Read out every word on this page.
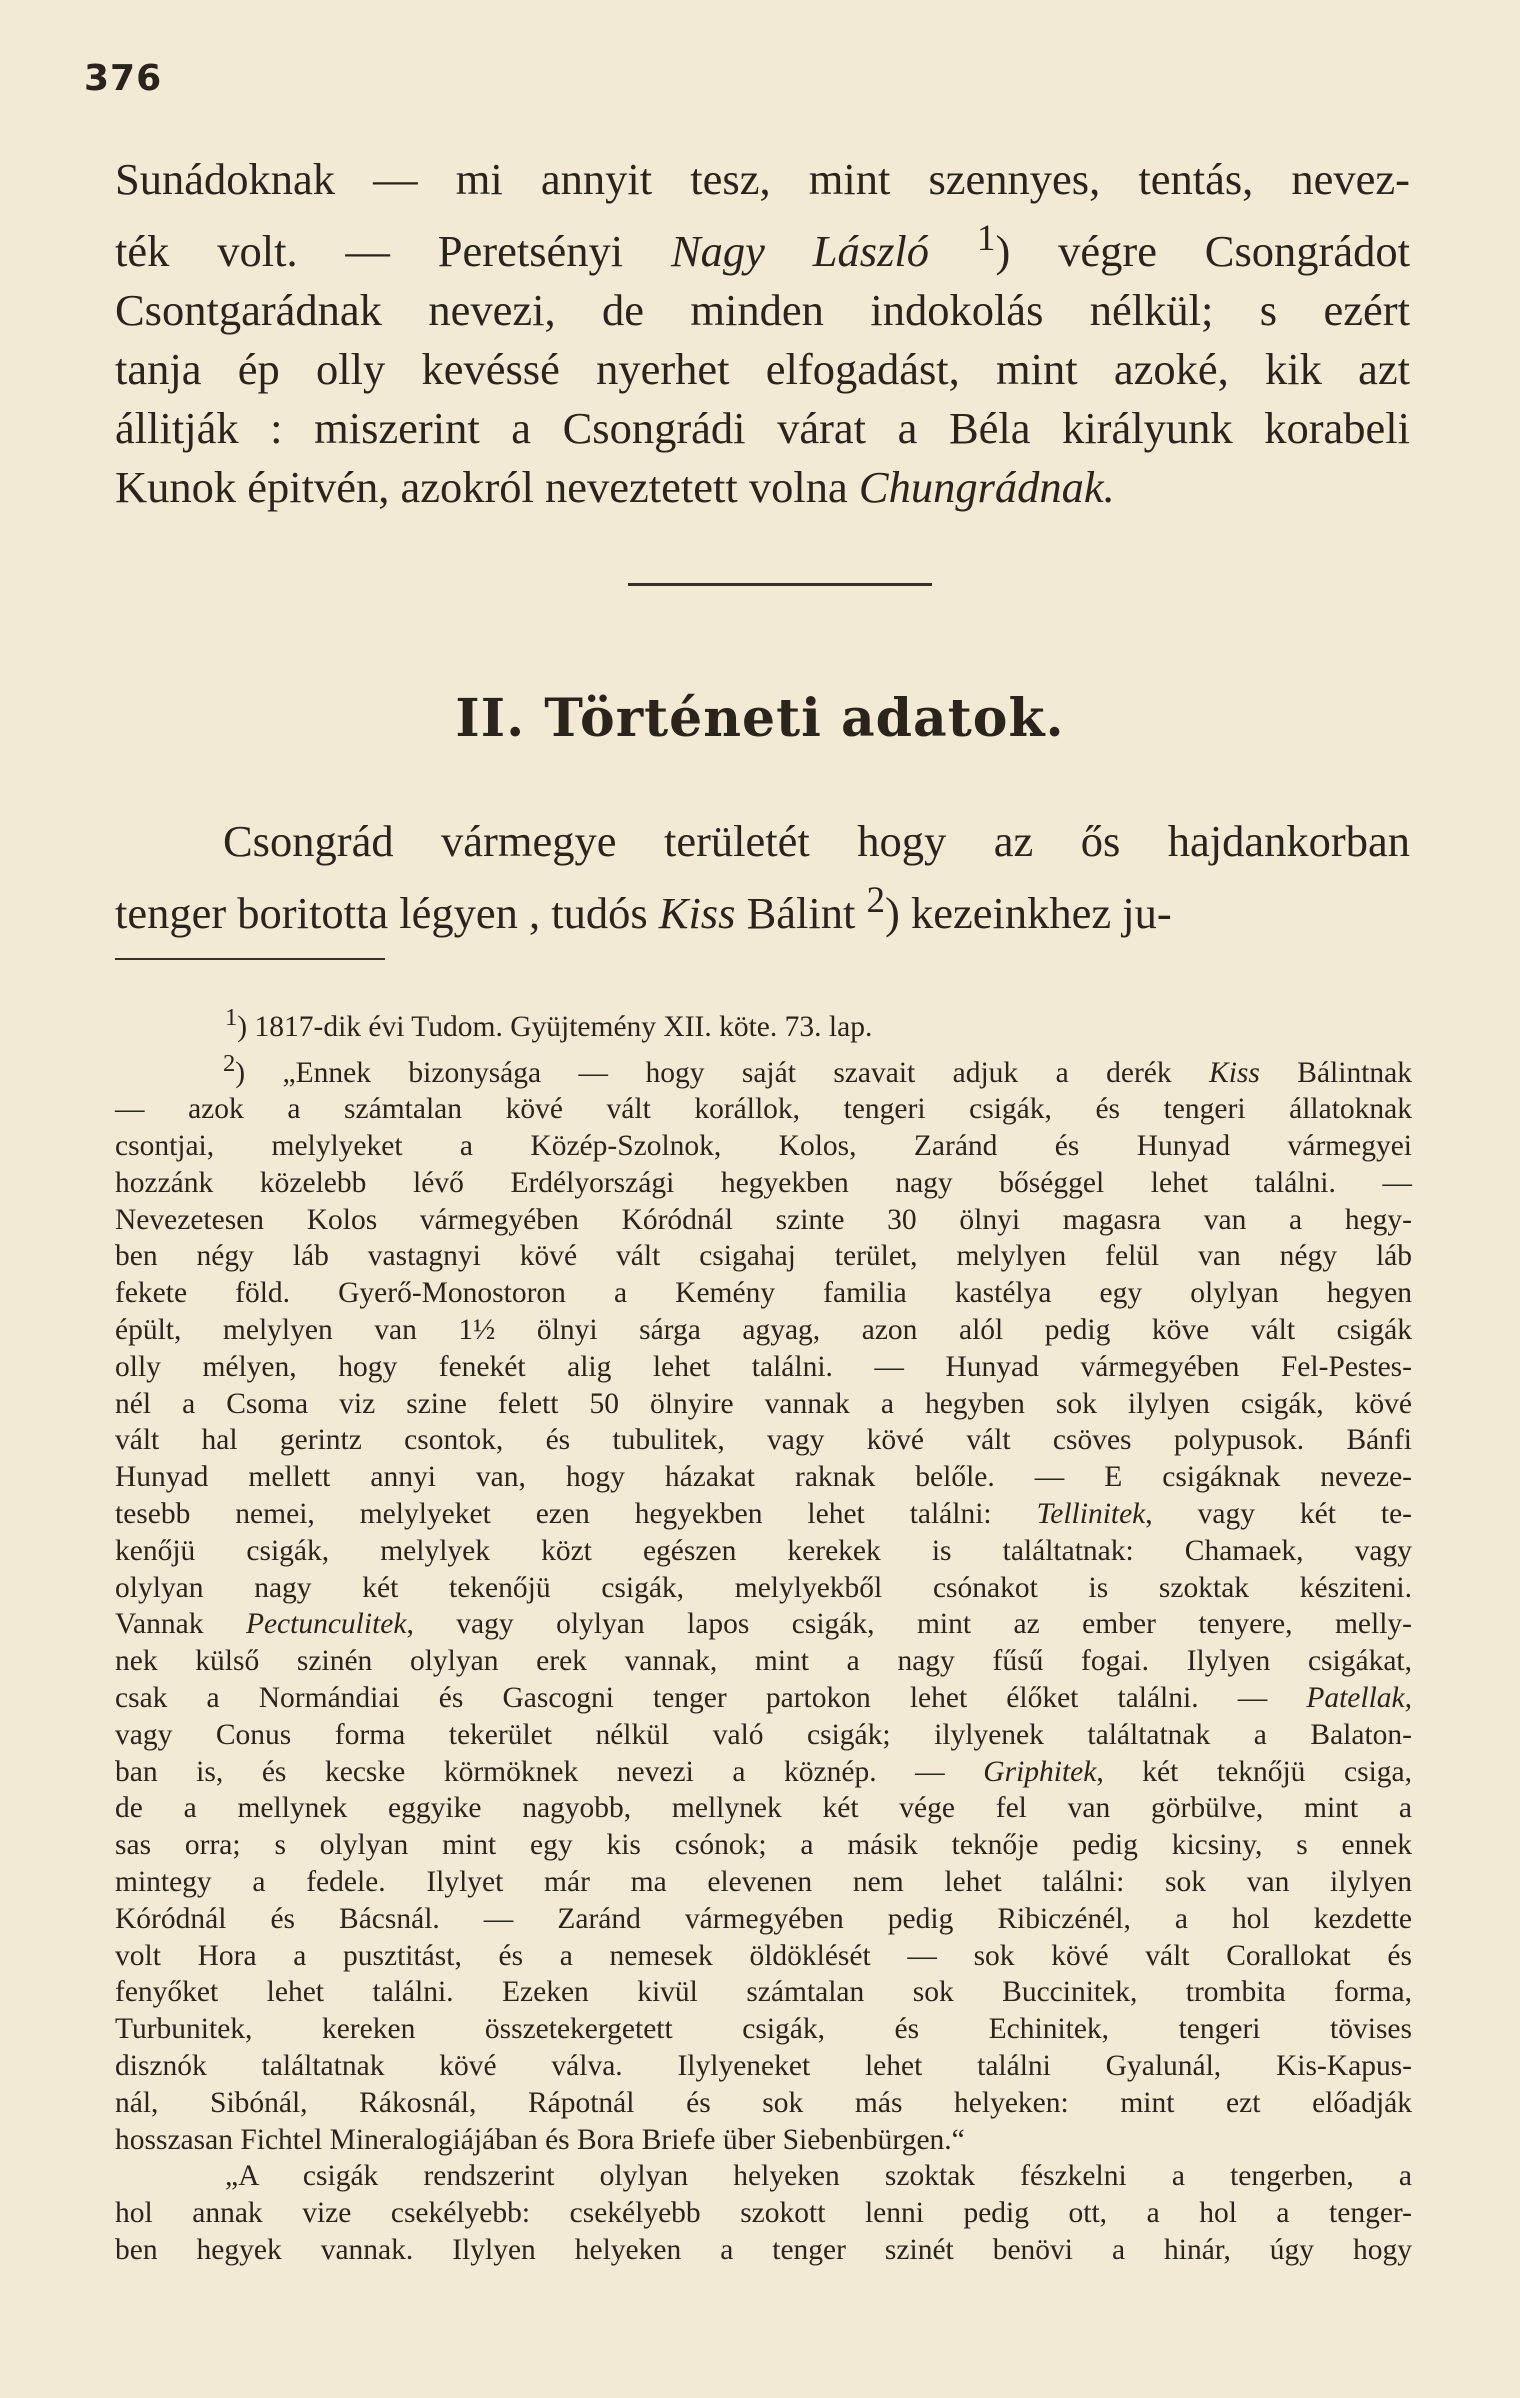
376

Sunádoknak — mi annyit tesz, mint szennyes, tentás, nevez-
ték volt. — Peretsényi Nagy László $^1$) végre Csongrádot
Csontgarádnak nevezi, de minden indokolás nélkül; s ezért
tanja ép olly kevéssé nyerhet elfogadást, mint azoké, kik azt
állitják : miszerint a Csongrádi várat a Béla királyunk korabeli
Kunok épitvén, azokról neveztetett volna Chungrádnak.

II. Történeti adatok.

Csongrád vármegye területét hogy az ős hajdankorban
tenger boritotta légyen , tudós Kiss Bálint $^2$) kezeinkhez ju-

$^1$) 1817-dik évi Tudom. Gyüjtemény XII. köte. 73. lap.
$^2$) „Ennek bizonysága — hogy saját szavait adjuk a derék Kiss Bálintnak
— azok a számtalan kövé vált korállok, tengeri csigák, és tengeri állatoknak
csontjai, melylyeket a Közép-Szolnok, Kolos, Zaránd és Hunyad vármegyei
hozzánk közelebb lévő Erdélyországi hegyekben nagy bőséggel lehet találni. —
Nevezetesen Kolos vármegyében Kóródnál szinte 30 ölnyi magasra van a hegy-
ben négy láb vastagnyi kövé vált csigahaj terület, melylyen felül van négy láb
fekete föld. Gyerő-Monostoron a Kemény familia kastélya egy olylyan hegyen
épült, melylyen van 1½ ölnyi sárga agyag, azon alól pedig köve vált csigák
olly mélyen, hogy fenekét alig lehet találni. — Hunyad vármegyében Fel-Pestes-
nél a Csoma viz szine felett 50 ölnyire vannak a hegyben sok ilylyen csigák, kövé
vált hal gerintz csontok, és tubulitek, vagy kövé vált csöves polypusok. Bánfi
Hunyad mellett annyi van, hogy házakat raknak belőle. — E csigáknak neveze-
tesebb nemei, melylyeket ezen hegyekben lehet találni: Tellinitek, vagy két te-
kenőjü csigák, melylyek közt egészen kerekek is találtatnak: Chamaek, vagy
olylyan nagy két tekenőjü csigák, melylyekből csónakot is szoktak késziteni.
Vannak Pectunculitek, vagy olylyan lapos csigák, mint az ember tenyere, melly-
nek külső szinén olylyan erek vannak, mint a nagy fűsű fogai. Ilylyen csigákat,
csak a Normándiai és Gascogni tenger partokon lehet élőket találni. — Patellak,
vagy Conus forma tekerület nélkül való csigák; ilylyenek találtatnak a Balaton-
ban is, és kecske körmöknek nevezi a köznép. — Griphitek, két teknőjü csiga,
de a mellynek eggyike nagyobb, mellynek két vége fel van görbülve, mint a
sas orra; s olylyan mint egy kis csónok; a másik teknője pedig kicsiny, s ennek
mintegy a fedele. Ilylyet már ma elevenen nem lehet találni: sok van ilylyen
Kóródnál és Bácsnál. — Zaránd vármegyében pedig Ribiczénél, a hol kezdette
volt Hora a pusztitást, és a nemesek öldöklését — sok kövé vált Corallokat és
fenyőket lehet találni. Ezeken kivül számtalan sok Buccinitek, trombita forma,
Turbunitek, kereken összetekergetett csigák, és Echinitek, tengeri tövises
disznók találtatnak kövé válva. Ilylyeneket lehet találni Gyalunál, Kis-Kapus-
nál, Sibónál, Rákosnál, Rápotnál és sok más helyeken: mint ezt előadják
hosszasan Fichtel Mineralogiájában és Bora Briefe über Siebenbürgen.“
„A csigák rendszerint olylyan helyeken szoktak fészkelni a tengerben, a
hol annak vize csekélyebb: csekélyebb szokott lenni pedig ott, a hol a tenger-
ben hegyek vannak. Ilylyen helyeken a tenger szinét benövi a hinár, úgy hogy
